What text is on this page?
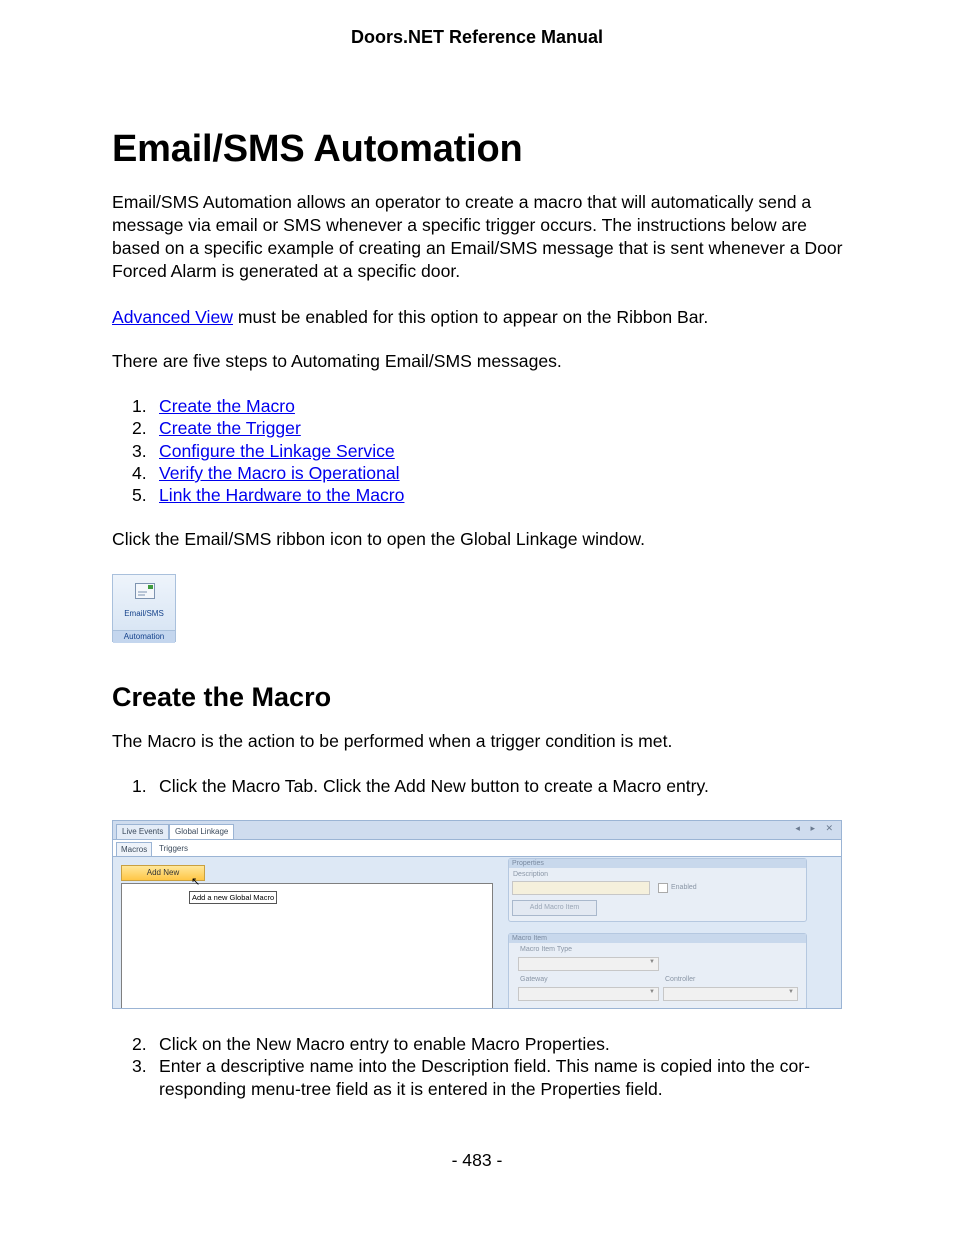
Doors.NET Reference Manual
Email/SMS Automation

Email/SMS Automation allows an operator to create a macro that will automatically send a message via email or SMS whenever a specific trigger occurs. The instructions below are based on a specific example of creating an Email/SMS message that is sent whenever a Door Forced Alarm is generated at a specific door.

Advanced View must be enabled for this option to appear on the Ribbon Bar.

There are five steps to Automating Email/SMS messages.

1. Create the Macro
2. Create the Trigger
3. Configure the Linkage Service
4. Verify the Macro is Operational
5. Link the Hardware to the Macro

Click the Email/SMS ribbon icon to open the Global Linkage window.

Email/SMS
Automation
Create the Macro

The Macro is the action to be performed when a trigger condition is met.

1. Click the Macro Tab. Click the Add New button to create a Macro entry.
Live Events	Global Linkage	◂ ▸ ✕
Macros	Triggers
Add New
↖
Add a new Global Macro
Properties
Description
Enabled
Add Macro Item
Macro Item
Macro Item Type
▼
Gateway
▼
Controller
▼
2. Click on the New Macro entry to enable Macro Properties.
3. Enter a descriptive name into the Description field. This name is copied into the cor- responding menu-tree field as it is entered in the Properties field.
- 483 -
